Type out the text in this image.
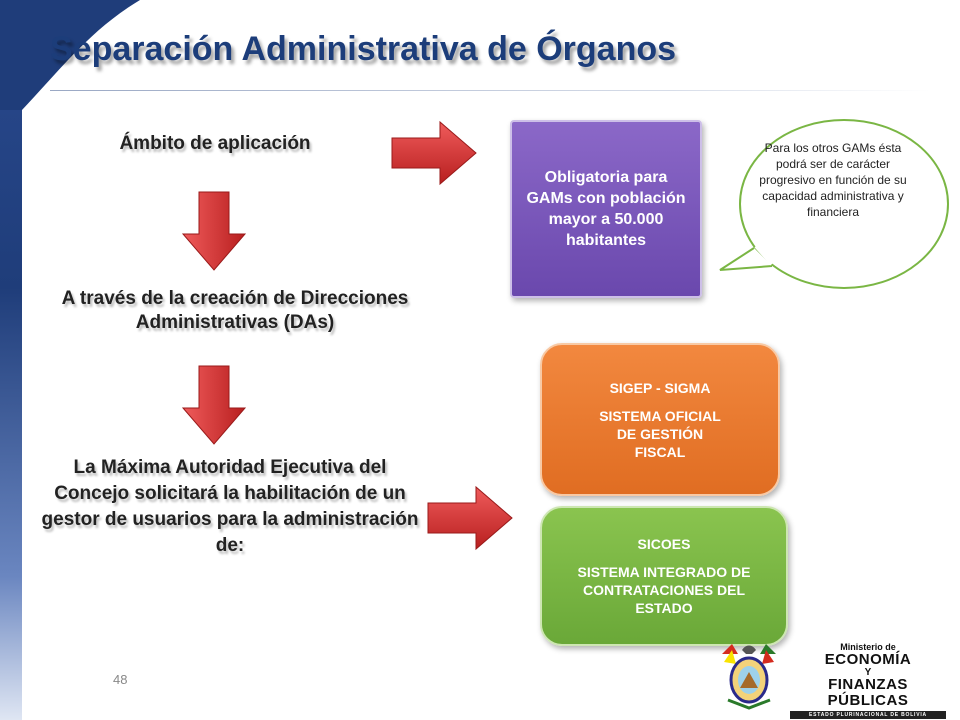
Separación Administrativa de Órganos
Ámbito de aplicación
A través de la creación de Direcciones Administrativas (DAs)
La Máxima Autoridad Ejecutiva del Concejo solicitará la habilitación de un gestor de usuarios para la administración de:
Obligatoria para GAMs con población mayor a 50.000 habitantes
Para los otros GAMs ésta podrá ser de carácter progresivo en función de su capacidad administrativa y financiera
SIGEP - SIGMA
SISTEMA OFICIAL DE GESTIÓN FISCAL
SICOES
SISTEMA INTEGRADO DE CONTRATACIONES DEL ESTADO
48
Ministerio de
ECONOMÍA
Y
FINANZAS PÚBLICAS
ESTADO PLURINACIONAL DE BOLIVIA
